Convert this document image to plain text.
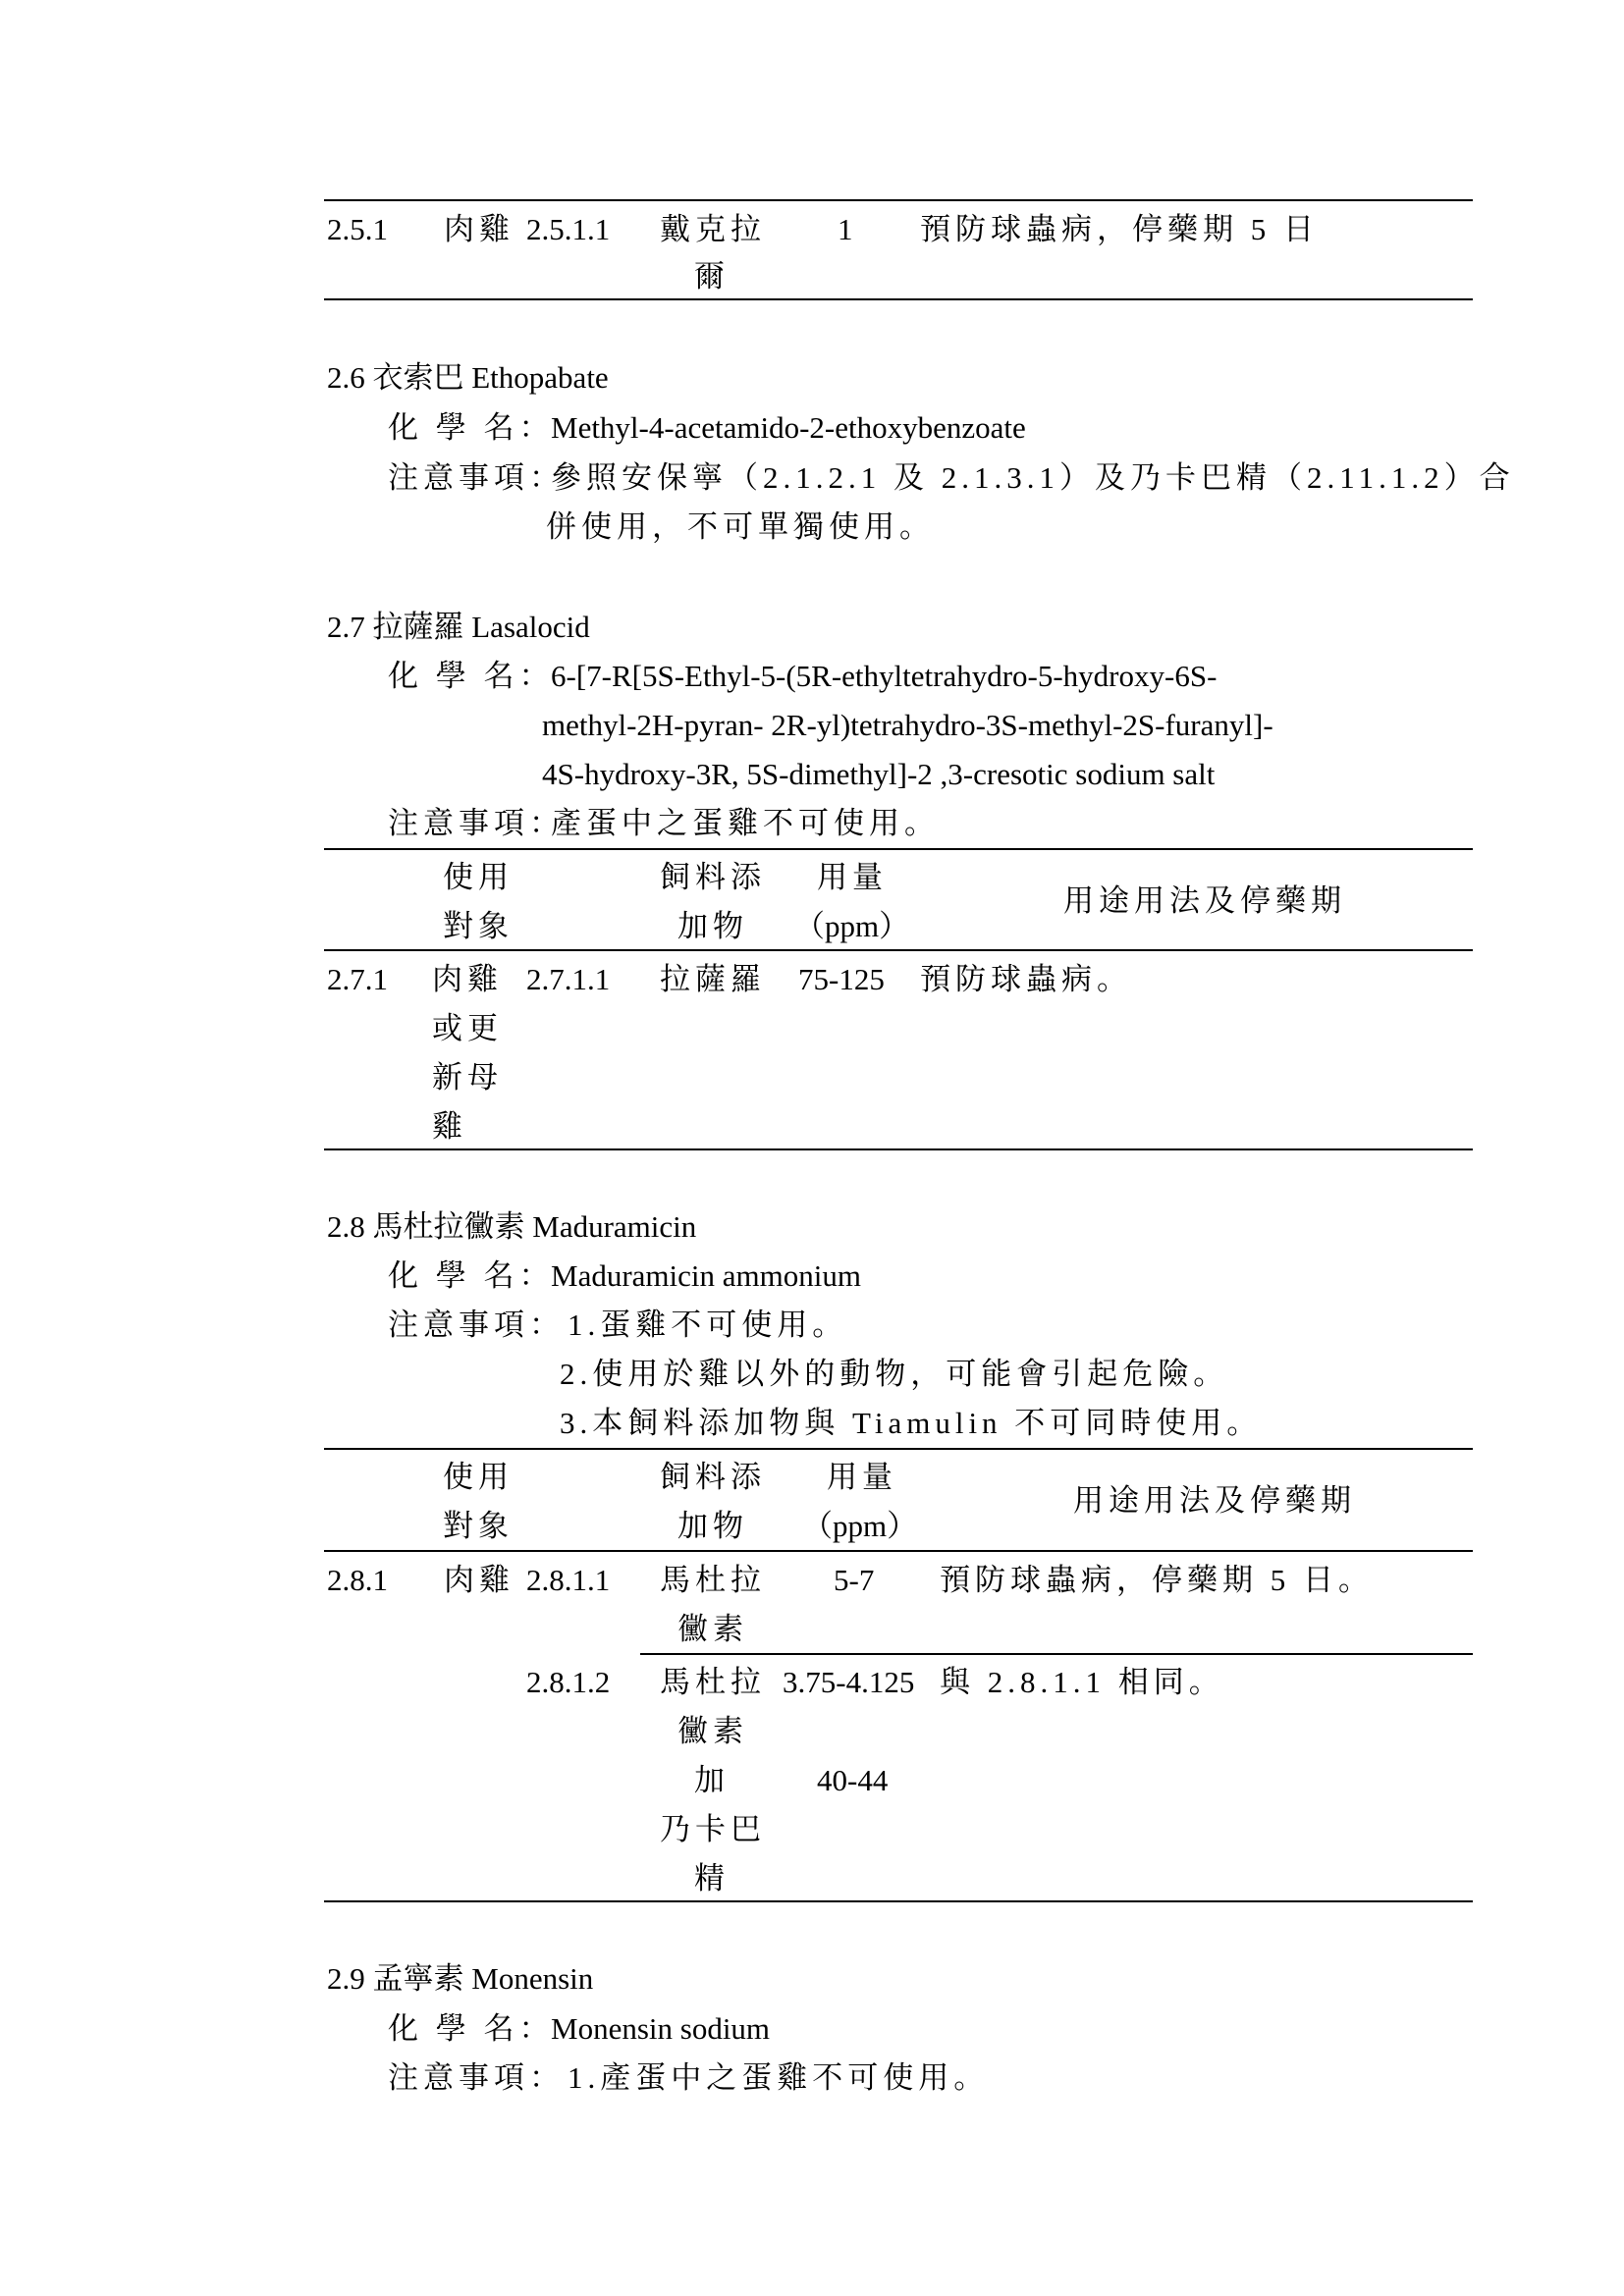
2.5.1 肉雞 2.5.1.1 戴克拉
爾
1 預防球蟲病，停藥期 5 日
2.6 衣索巴 Ethopabate
化 學 名：
Methyl-4-acetamido-2-ethoxybenzoate
注意事項：
參照安保寧（2.1.2.1 及 2.1.3.1）及乃卡巴精（2.11.1.2）合
併使用，不可單獨使用。
2.7 拉薩羅 Lasalocid
化 學 名：
6-[7-R[5S-Ethyl-5-(5R-ethyltetrahydro-5-hydroxy-6S-
methyl-2H-pyran- 2R-yl)tetrahydro-3S-methyl-2S-furanyl]-
4S-hydroxy-3R, 5S-dimethyl]-2 ,3-cresotic sodium salt
注意事項：
產蛋中之蛋雞不可使用。
使用
對象
飼料添
加物
用量
（ppm）
用途用法及停藥期
2.7.1 肉雞
或更
新母
雞
2.7.1.1 拉薩羅 75-125 預防球蟲病。
2.8 馬杜拉黴素 Maduramicin
化 學 名：
Maduramicin ammonium
注意事項： 1.蛋雞不可使用。
2.使用於雞以外的動物，可能會引起危險。
3.本飼料添加物與 Tiamulin 不可同時使用。
使用
對象
飼料添
加物
用量
（ppm）
用途用法及停藥期
2.8.1 肉雞 2.8.1.1 馬杜拉
黴素
5-7 預防球蟲病，停藥期 5 日。
2.8.1.2 馬杜拉
黴素
加
乃卡巴
精
3.75-4.125
40-44
與 2.8.1.1 相同。
2.9 孟寧素 Monensin
化 學 名：
Monensin sodium
注意事項： 1.產蛋中之蛋雞不可使用。
